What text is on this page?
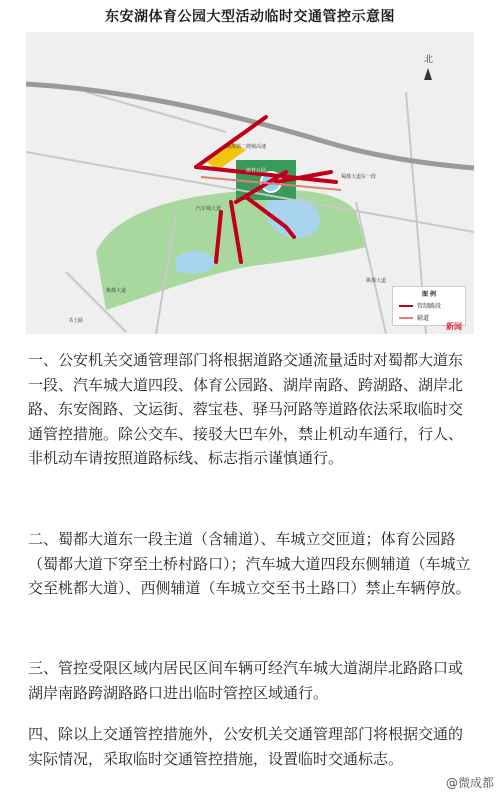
东安湖体育公园大型活动临时交通管控示意图
成都第二绕城高速
体育公园
蜀都大道东一段
汽车城大道
桃都大道
书土路
桃都大道
北
图 例
管制路段
辅道
新闻
一、公安机关交通管理部门将根据道路交通流量适时对蜀都大道东一段、汽车城大道四段、体育公园路、湖岸南路、跨湖路、湖岸北路、东安阁路、文运街、蓉宝巷、驿马河路等道路依法采取临时交通管控措施。除公交车、接驳大巴车外，禁止机动车通行，行人、非机动车请按照道路标线、标志指示谨慎通行。
二、蜀都大道东一段主道（含辅道）、车城立交匝道；体育公园路（蜀都大道下穿至土桥村路口）；汽车城大道四段东侧辅道（车城立交至桃都大道）、西侧辅道（车城立交至书土路口）禁止车辆停放。
三、管控受限区域内居民区间车辆可经汽车城大道湖岸北路路口或湖岸南路跨湖路路口进出临时管控区域通行。
四、除以上交通管控措施外，公安机关交通管理部门将根据交通的实际情况，采取临时交通管控措施，设置临时交通标志。
@微成都
